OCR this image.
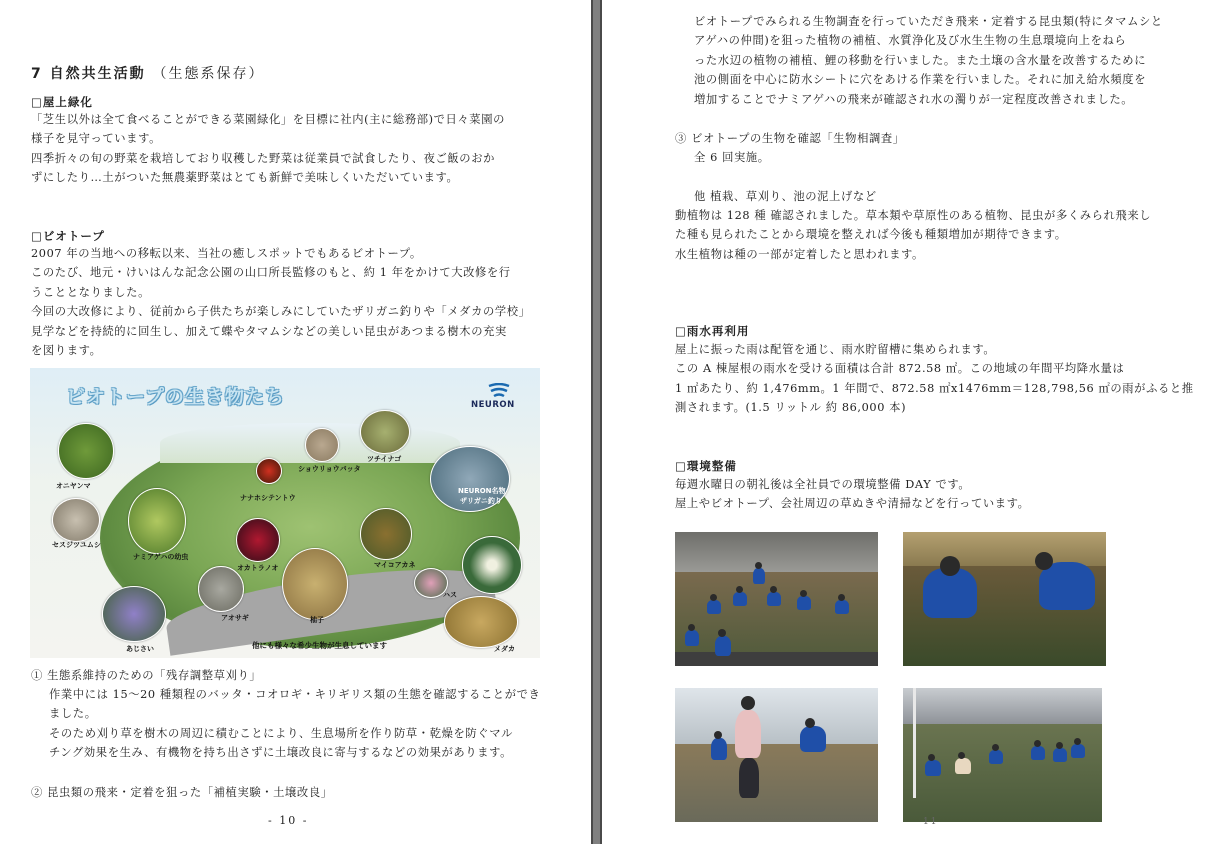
7 自然共生活動 （生態系保存）
□屋上緑化
「芝生以外は全て食べることができる菜園緑化」を目標に社内(主に総務部)で日々菜園の
様子を見守っています。
四季折々の旬の野菜を栽培しており収穫した野菜は従業員で試食したり、夜ご飯のおか
ずにしたり…土がついた無農薬野菜はとても新鮮で美味しくいただいています。
□ビオトープ
2007 年の当地への移転以来、当社の癒しスポットでもあるビオトープ。
このたび、地元・けいはんな記念公園の山口所長監修のもと、約 1 年をかけて大改修を行
うこととなりました。
今回の大改修により、従前から子供たちが楽しみにしていたザリガニ釣りや「メダカの学校」
見学などを持続的に回生し、加えて蝶やタマムシなどの美しい昆虫があつまる樹木の充実
を図ります。
ビオトープの生き物たち	NEURON
オニヤンマ
ショウリョウバッタ
ツチイナゴ
ナナホシテントウ
NEURON名物
ザリガニ釣り
セスジツユムシ
ナミアゲハの幼虫
オカトラノオ	マイコアカネ
ハス
アオサギ	柚子
あじさい	メダカ
他にも様々な希少生物が生息しています
① 生態系維持のための「残存調整草刈り」
作業中には 15～20 種類程のバッタ・コオロギ・キリギリス類の生態を確認することができ
ました。
そのため刈り草を樹木の周辺に積むことにより、生息場所を作り防草・乾燥を防ぐマル
チング効果を生み、有機物を持ち出さずに土壌改良に寄与するなどの効果があります。
② 昆虫類の飛来・定着を狙った「補植実験・土壌改良」
- 10 -
ビオトープでみられる生物調査を行っていただき飛来・定着する昆虫類(特にタマムシと
アゲハの仲間)を狙った植物の補植、水質浄化及び水生生物の生息環境向上をねら
った水辺の植物の補植、鯉の移動を行いました。また土壌の含水量を改善するために
池の側面を中心に防水シートに穴をあける作業を行いました。それに加え給水頻度を
増加することでナミアゲハの飛来が確認され水の濁りが一定程度改善されました。
③ ビオトープの生物を確認「生物相調査」
全 6 回実施。
他 植栽、草刈り、池の泥上げなど
動植物は 128 種 確認されました。草本類や草原性のある植物、昆虫が多くみられ飛来し
た種も見られたことから環境を整えれば今後も種類増加が期待できます。
水生植物は種の一部が定着したと思われます。
□雨水再利用
屋上に振った雨は配管を通じ、雨水貯留槽に集められます。
この A 棟屋根の雨水を受ける面積は合計 872.58 ㎡。この地域の年間平均降水量は
1 ㎡あたり、約 1,476mm。1 年間で、872.58 ㎡x1476mm＝128,798,56 ㎡の雨がふると推
測されます。(1.5 リットル 約 86,000 本)
□環境整備
毎週水曜日の朝礼後は全社員での環境整備 DAY です。
屋上やビオトープ、会社周辺の草ぬきや清掃などを行っています。
11
